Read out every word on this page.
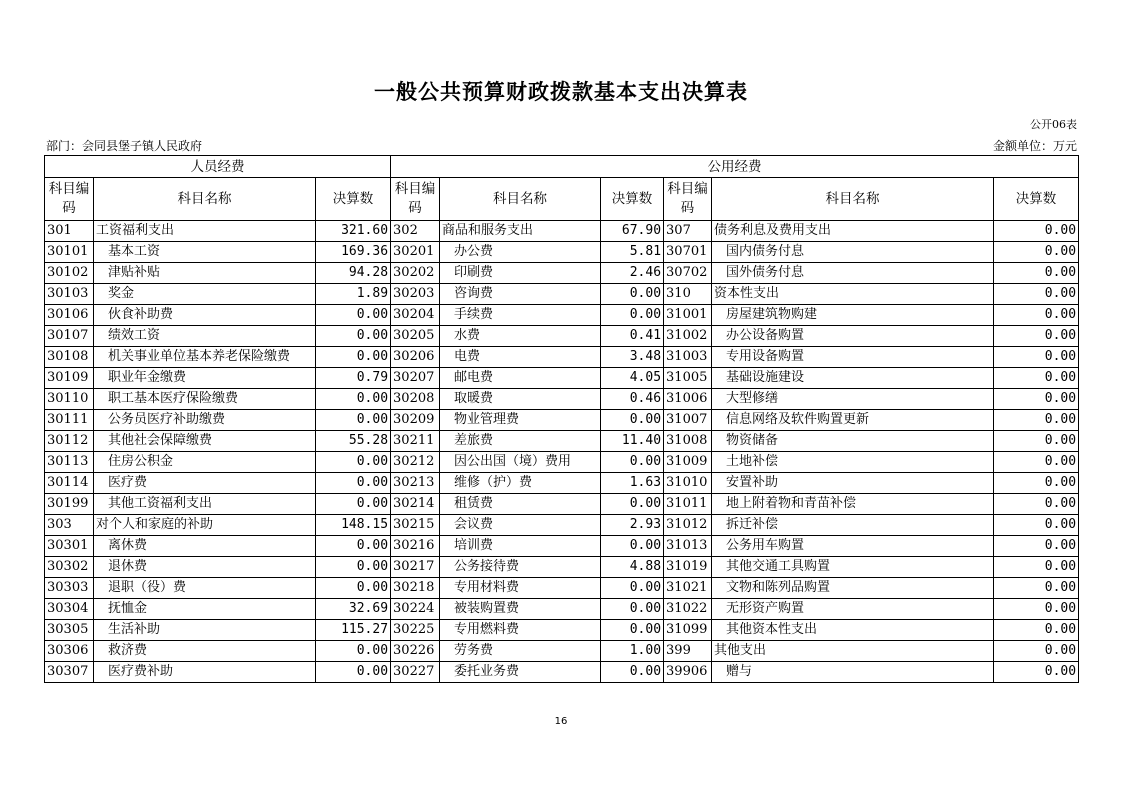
一般公共预算财政拨款基本支出决算表
公开06表
部门：会同县堡子镇人民政府	金额单位：万元
人员经费			公用经费					
科目编码	科目名称	决算数	科目编码	科目名称	决算数	科目编码	科目名称	决算数
301	工资福利支出	321.60	302	商品和服务支出	67.90	307	债务利息及费用支出	0.00
30101	基本工资	169.36	30201	办公费	5.81	30701	国内债务付息	0.00
30102	津贴补贴	94.28	30202	印刷费	2.46	30702	国外债务付息	0.00
30103	奖金	1.89	30203	咨询费	0.00	310	资本性支出	0.00
30106	伙食补助费	0.00	30204	手续费	0.00	31001	房屋建筑物购建	0.00
30107	绩效工资	0.00	30205	水费	0.41	31002	办公设备购置	0.00
30108	机关事业单位基本养老保险缴费	0.00	30206	电费	3.48	31003	专用设备购置	0.00
30109	职业年金缴费	0.79	30207	邮电费	4.05	31005	基础设施建设	0.00
30110	职工基本医疗保险缴费	0.00	30208	取暖费	0.46	31006	大型修缮	0.00
30111	公务员医疗补助缴费	0.00	30209	物业管理费	0.00	31007	信息网络及软件购置更新	0.00
30112	其他社会保障缴费	55.28	30211	差旅费	11.40	31008	物资储备	0.00
30113	住房公积金	0.00	30212	因公出国（境）费用	0.00	31009	土地补偿	0.00
30114	医疗费	0.00	30213	维修（护）费	1.63	31010	安置补助	0.00
30199	其他工资福利支出	0.00	30214	租赁费	0.00	31011	地上附着物和青苗补偿	0.00
303	对个人和家庭的补助	148.15	30215	会议费	2.93	31012	拆迁补偿	0.00
30301	离休费	0.00	30216	培训费	0.00	31013	公务用车购置	0.00
30302	退休费	0.00	30217	公务接待费	4.88	31019	其他交通工具购置	0.00
30303	退职（役）费	0.00	30218	专用材料费	0.00	31021	文物和陈列品购置	0.00
30304	抚恤金	32.69	30224	被装购置费	0.00	31022	无形资产购置	0.00
30305	生活补助	115.27	30225	专用燃料费	0.00	31099	其他资本性支出	0.00
30306	救济费	0.00	30226	劳务费	1.00	399	其他支出	0.00
30307	医疗费补助	0.00	30227	委托业务费	0.00	39906	赠与	0.00
16
